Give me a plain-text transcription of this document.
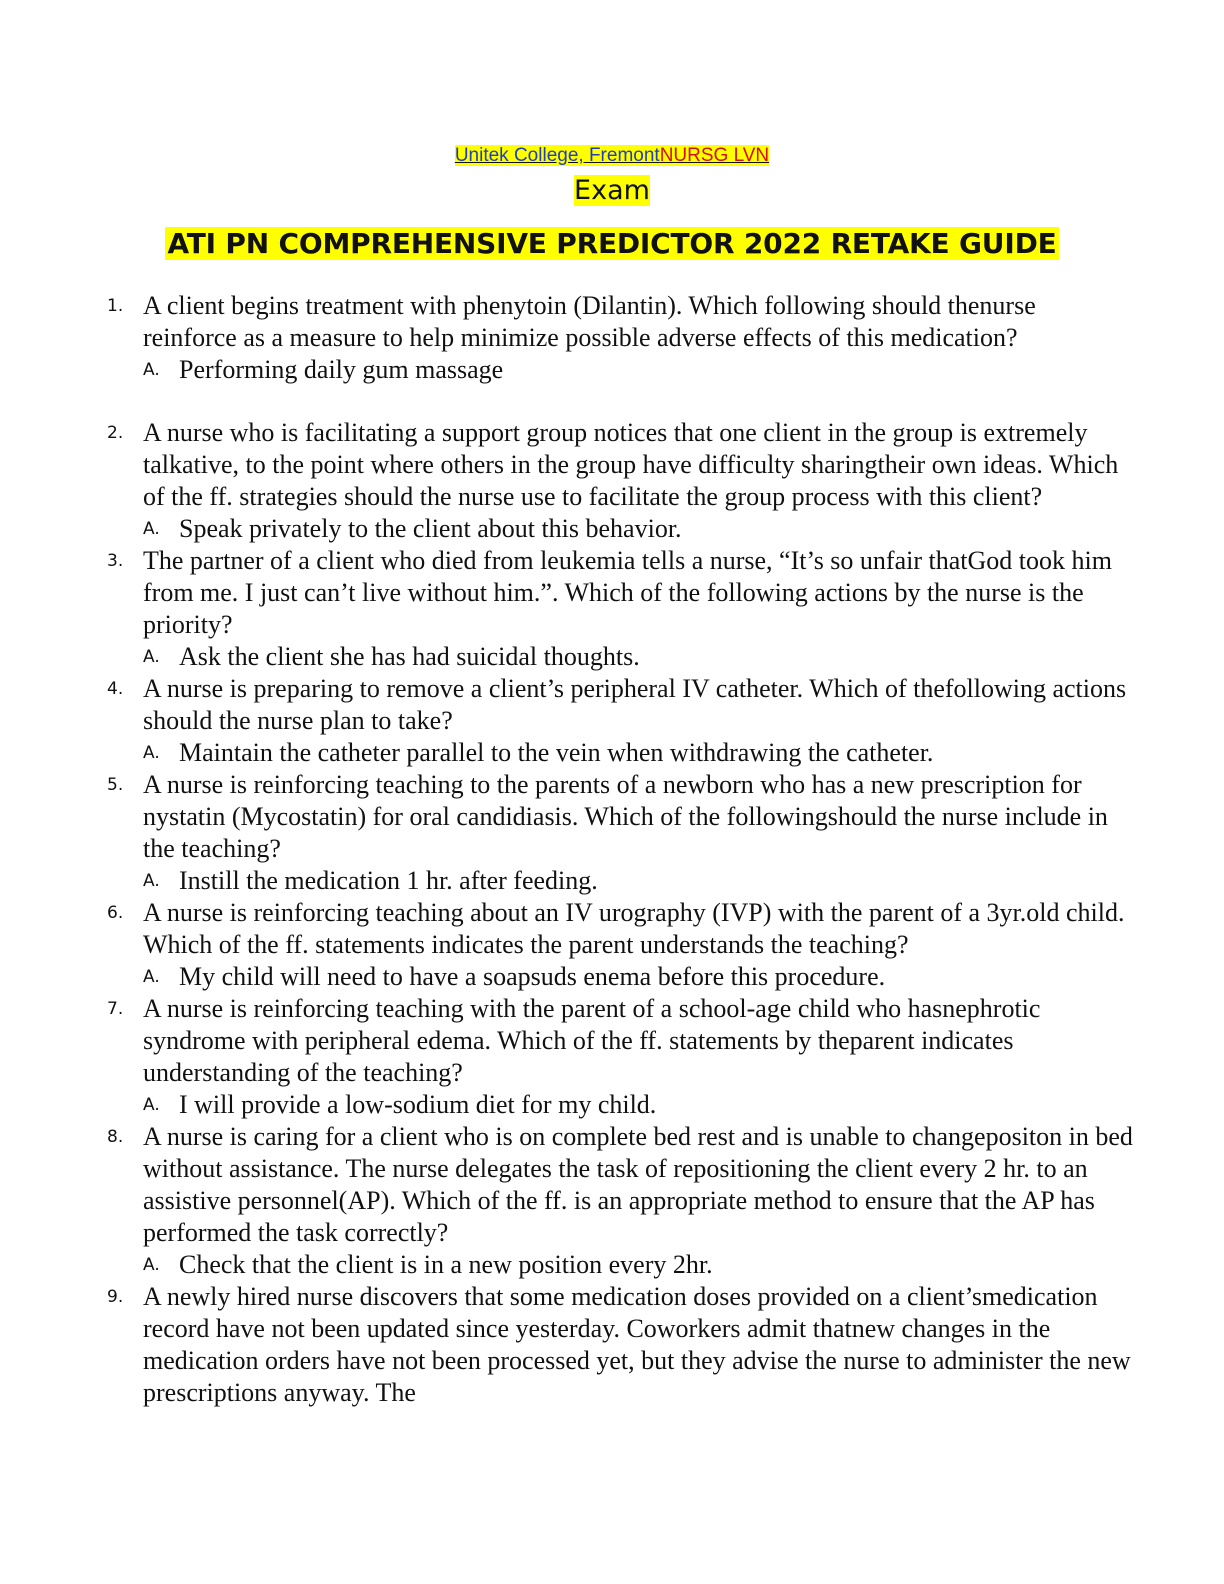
Unitek College, FremontNURSG LVN
Exam
ATI PN COMPREHENSIVE PREDICTOR 2022 RETAKE GUIDE
1. A client begins treatment with phenytoin (Dilantin). Which following should thenurse reinforce as a measure to help minimize possible adverse effects of this medication?
A. Performing daily gum massage
2. A nurse who is facilitating a support group notices that one client in the group is extremely talkative, to the point where others in the group have difficulty sharingtheir own ideas. Which of the ff. strategies should the nurse use to facilitate the group process with this client?
A. Speak privately to the client about this behavior.
3. The partner of a client who died from leukemia tells a nurse, “It’s so unfair thatGod took him from me. I just can’t live without him.”. Which of the following actions by the nurse is the priority?
A. Ask the client she has had suicidal thoughts.
4. A nurse is preparing to remove a client’s peripheral IV catheter. Which of thefollowing actions should the nurse plan to take?
A. Maintain the catheter parallel to the vein when withdrawing the catheter.
5. A nurse is reinforcing teaching to the parents of a newborn who has a new prescription for nystatin (Mycostatin) for oral candidiasis. Which of the followingshould the nurse include in the teaching?
A. Instill the medication 1 hr. after feeding.
6. A nurse is reinforcing teaching about an IV urography (IVP) with the parent of a 3yr.old child. Which of the ff. statements indicates the parent understands the teaching?
A. My child will need to have a soapsuds enema before this procedure.
7. A nurse is reinforcing teaching with the parent of a school-age child who hasnephrotic syndrome with peripheral edema. Which of the ff. statements by theparent indicates understanding of the teaching?
A. I will provide a low-sodium diet for my child.
8. A nurse is caring for a client who is on complete bed rest and is unable to changepositon in bed without assistance. The nurse delegates the task of repositioning the client every 2 hr. to an assistive personnel(AP). Which of the ff. is an appropriate method to ensure that the AP has performed the task correctly?
A. Check that the client is in a new position every 2hr.
9. A newly hired nurse discovers that some medication doses provided on a client’smedication record have not been updated since yesterday. Coworkers admit thatnew changes in the medication orders have not been processed yet, but they advise the nurse to administer the new prescriptions anyway. The
